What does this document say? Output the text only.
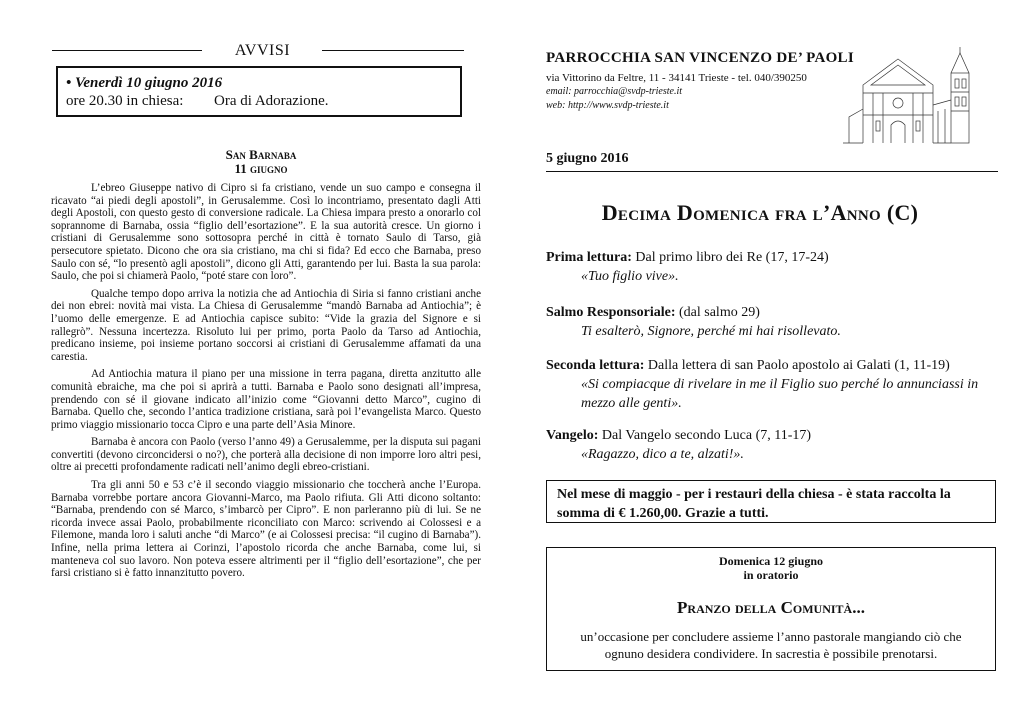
AVVISI
• Venerdì 10 giugno 2016
ore 20.30 in chiesa:	Ora di Adorazione.
San Barnaba
11 giugno

L’ebreo Giuseppe nativo di Cipro si fa cristiano, vende un suo campo e consegna il ricavato “ai piedi degli apostoli”, in Gerusalemme. Così lo incontriamo, presentato dagli Atti degli Apostoli, con questo gesto di conversione radicale. La Chiesa impara presto a onorarlo col soprannome di Barnaba, ossia “figlio dell’esortazione”. E la sua autorità cresce. Un giorno i cristiani di Gerusalemme sono sottosopra perché in città è tornato Saulo di Tarso, già persecutore spietato. Dicono che ora sia cristiano, ma chi si fida? Ed ecco che Barnaba, preso Saulo con sé, “lo presentò agli apostoli”, dicono gli Atti, garantendo per lui. Basta la sua parola: Saulo, che poi si chiamerà Paolo, “poté stare con loro”.

Qualche tempo dopo arriva la notizia che ad Antiochia di Siria si fanno cristiani anche dei non ebrei: novità mai vista. La Chiesa di Gerusalemme “mandò Barnaba ad Antiochia”; è l’uomo delle emergenze. E ad Antiochia capisce subito: “Vide la grazia del Signore e si rallegrò”. Nessuna incertezza. Risoluto lui per primo, porta Paolo da Tarso ad Antiochia, predicano insieme, poi insieme portano soccorsi ai cristiani di Gerusalemme affamati da una carestia.

Ad Antiochia matura il piano per una missione in terra pagana, diretta anzitutto alle comunità ebraiche, ma che poi si aprirà a tutti. Barnaba e Paolo sono designati all’impresa, prendendo con sé il giovane indicato all’inizio come “Giovanni detto Marco”, cugino di Barnaba. Quello che, secondo l’antica tradizione cristiana, sarà poi l’evangelista Marco. Questo primo viaggio missionario tocca Cipro e una parte dell’Asia Minore.

Barnaba è ancora con Paolo (verso l’anno 49) a Gerusalemme, per la disputa sui pagani convertiti (devono circoncidersi o no?), che porterà alla decisione di non imporre loro altri pesi, oltre ai precetti profondamente radicati nell’animo degli ebreo-cristiani.

Tra gli anni 50 e 53 c’è il secondo viaggio missionario che toccherà anche l’Europa. Barnaba vorrebbe portare ancora Giovanni-Marco, ma Paolo rifiuta. Gli Atti dicono soltanto: “Barnaba, prendendo con sé Marco, s’imbarcò per Cipro”. E non parleranno più di lui. Se ne ricorda invece assai Paolo, probabilmente riconciliato con Marco: scrivendo ai Colossesi e a Filemone, manda loro i saluti anche “di Marco” (e ai Colossesi precisa: “il cugino di Barnaba”). Infine, nella prima lettera ai Corinzi, l’apostolo ricorda che anche Barnaba, come lui, si manteneva col suo lavoro. Non poteva essere altrimenti per il “figlio dell’esortazione”, che per farsi cristiano si è fatto innanzitutto povero.

PARROCCHIA SAN VINCENZO DE’ PAOLI
via Vittorino da Feltre, 11 - 34141 Trieste - tel. 040/390250
email: parrocchia@svdp-trieste.it
web: http://www.svdp-trieste.it
5 giugno 2016
Decima Domenica fra l’Anno (C)
Prima lettura: Dal primo libro dei Re (17, 17-24)
«Tuo figlio vive».
Salmo Responsoriale: (dal salmo 29)
Ti esalterò, Signore, perché mi hai risollevato.
Seconda lettura: Dalla lettera di san Paolo apostolo ai Galati (1, 11-19)
«Si compiacque di rivelare in me il Figlio suo perché lo annunciassi in mezzo alle genti».
Vangelo: Dal Vangelo secondo Luca (7, 11-17)
«Ragazzo, dico a te, alzati!».
Nel mese di maggio - per i restauri della chiesa - è stata raccolta la somma di € 1.260,00. Grazie a tutti.
Domenica 12 giugno
in oratorio
Pranzo della Comunità...
un’occasione per concludere assieme l’anno pastorale mangiando ciò che ognuno desidera condividere. In sacrestia è possibile prenotarsi.
